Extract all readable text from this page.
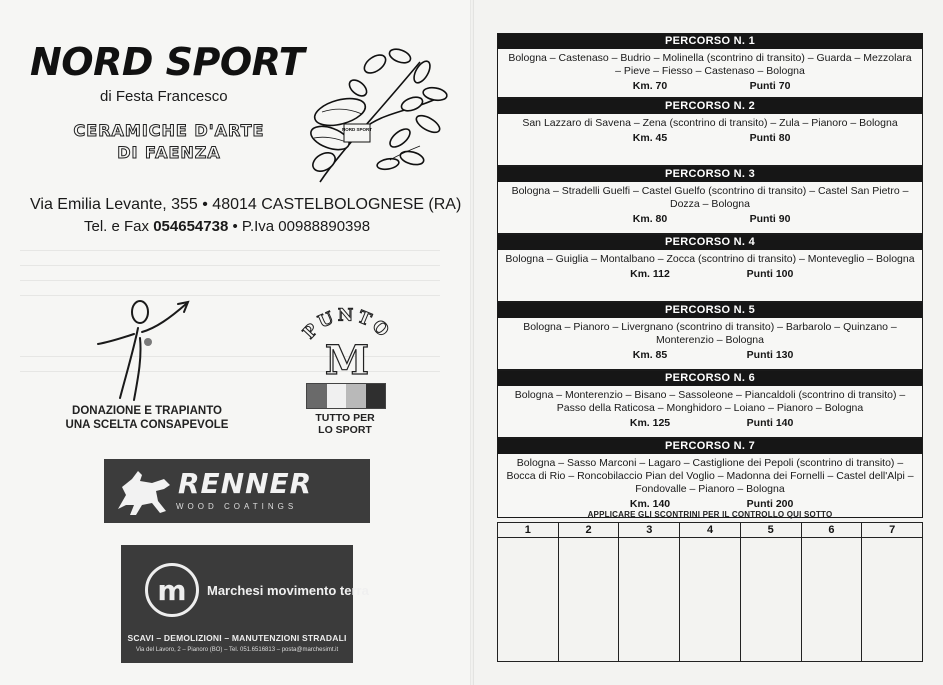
NORD SPORT
di Festa Francesco
CERAMICHE D'ARTE
DI FAENZA
NORD SPORT
Via Emilia Levante, 355 • 48014 CASTELBOLOGNESE (RA)
Tel. e Fax 054654738 • P.Iva 00988890398
DONAZIONE E TRAPIANTO
UNA SCELTA CONSAPEVOLE
PUNTO
M
TUTTO PER
LO SPORT
RENNER
WOOD COATINGS
m	Marchesi movimento terra
SCAVI – DEMOLIZIONI – MANUTENZIONI STRADALI
Via del Lavoro, 2 – Pianoro (BO) – Tel. 051.6516813 – posta@marchesimt.it
PERCORSO N. 1
Bologna – Castenaso – Budrio – Molinella (scontrino di transito) – Guarda – Mezzolara – Pieve – Fiesso – Castenaso – Bologna
Km. 70	Punti 70
PERCORSO N. 2
San Lazzaro di Savena – Zena (scontrino di transito) – Zula – Pianoro – Bologna
Km. 45	Punti 80
PERCORSO N. 3
Bologna – Stradelli Guelfi – Castel Guelfo (scontrino di transito) – Castel San Pietro – Dozza – Bologna
Km. 80	Punti 90
PERCORSO N. 4
Bologna – Guiglia – Montalbano – Zocca (scontrino di transito) – Monteveglio – Bologna
Km. 112	Punti 100
PERCORSO N. 5
Bologna – Pianoro – Livergnano (scontrino di transito) – Barbarolo – Quinzano – Monterenzio – Bologna
Km. 85	Punti 130
PERCORSO N. 6
Bologna – Monterenzio – Bisano – Sassoleone – Piancaldoli (scontrino di transito) – Passo della Raticosa – Monghidoro – Loiano – Pianoro – Bologna
Km. 125	Punti 140
PERCORSO N. 7
Bologna – Sasso Marconi – Lagaro – Castiglione dei Pepoli (scontrino di transito) – Bocca di Rio – Roncobilaccio Pian del Voglio – Madonna dei Fornelli – Castel dell'Alpi – Fondovalle – Pianoro – Bologna
Km. 140	Punti 200
APPLICARE GLI SCONTRINI PER IL CONTROLLO QUI SOTTO
1	2	3	4	5	6	7
